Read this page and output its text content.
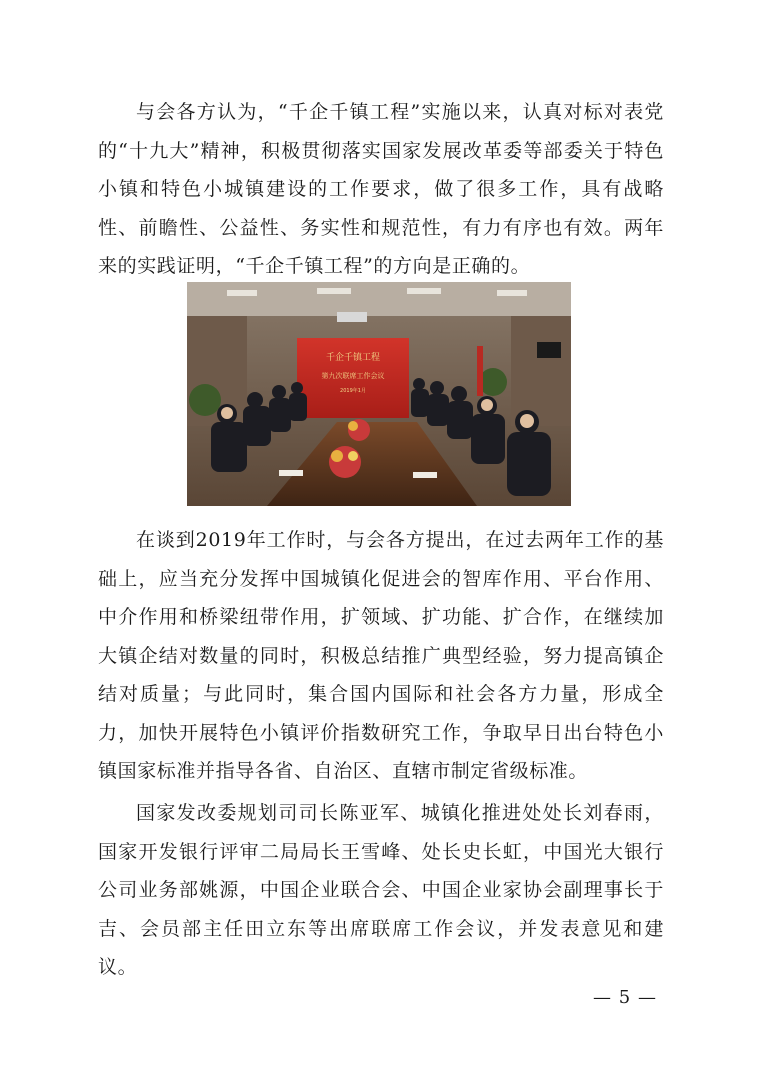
与会各方认为，“千企千镇工程”实施以来，认真对标对表党的“十九大”精神，积极贯彻落实国家发展改革委等部委关于特色小镇和特色小城镇建设的工作要求，做了很多工作，具有战略性、前瞻性、公益性、务实性和规范性，有力有序也有效。两年来的实践证明，“千企千镇工程”的方向是正确的。

千企千镇工程
第九次联席工作会议
2019年1月

在谈到2019年工作时，与会各方提出，在过去两年工作的基础上，应当充分发挥中国城镇化促进会的智库作用、平台作用、中介作用和桥梁纽带作用，扩领域、扩功能、扩合作，在继续加大镇企结对数量的同时，积极总结推广典型经验，努力提高镇企结对质量；与此同时，集合国内国际和社会各方力量，形成全力，加快开展特色小镇评价指数研究工作，争取早日出台特色小镇国家标准并指导各省、自治区、直辖市制定省级标准。

国家发改委规划司司长陈亚军、城镇化推进处处长刘春雨，国家开发银行评审二局局长王雪峰、处长史长虹，中国光大银行公司业务部姚源，中国企业联合会、中国企业家协会副理事长于吉、会员部主任田立东等出席联席工作会议，并发表意见和建议。

— 5 —
